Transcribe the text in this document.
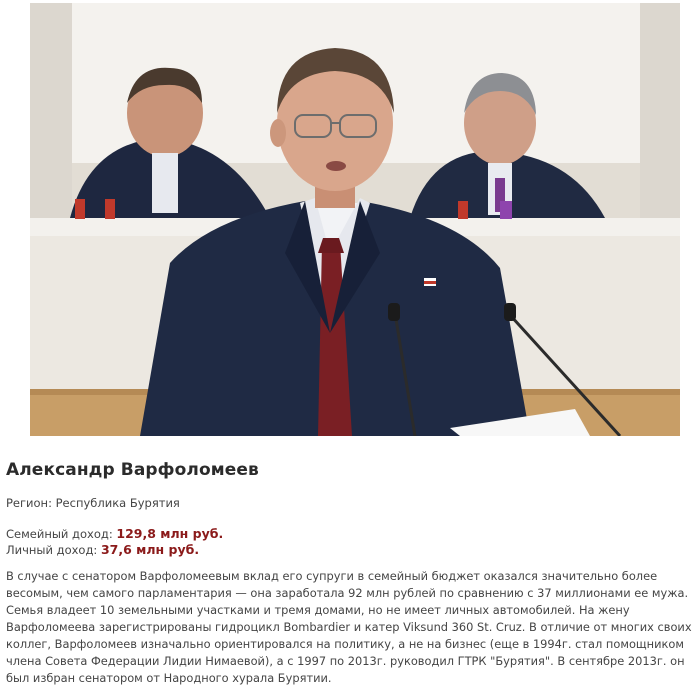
Александр Варфоломеев
Регион: Республика Бурятия
Семейный доход: 129,8 млн руб.
Личный доход: 37,6 млн руб.

В случае с сенатором Варфоломеевым вклад его супруги в семейный бюджет оказался значительно более весомым, чем самого парламентария — она заработала 92 млн рублей по сравнению с 37 миллионами ее мужа. Семья владеет 10 земельными участками и тремя домами, но не имеет личных автомобилей. На жену Варфоломеева зарегистрированы гидроцикл Bombardier и катер Viksund 360 St. Cruz. В отличие от многих своих коллег, Варфоломеев изначально ориентировался на политику, а не на бизнес (еще в 1994г. стал помощником члена Совета Федерации Лидии Нимаевой), а с 1997 по 2013г. руководил ГТРК "Бурятия". В сентябре 2013г. он был избран сенатором от Народного хурала Бурятии.
